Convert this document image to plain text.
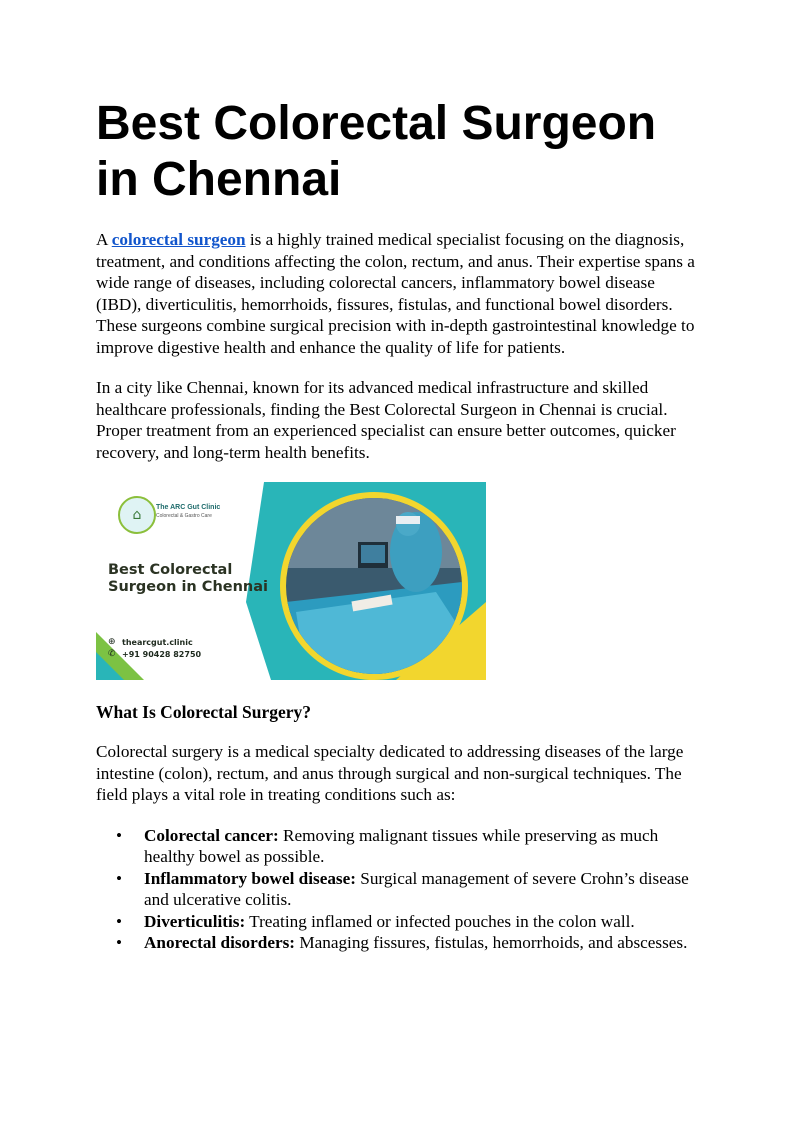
Best Colorectal Surgeon in Chennai

A colorectal surgeon is a highly trained medical specialist focusing on the diagnosis, treatment, and conditions affecting the colon, rectum, and anus. Their expertise spans a wide range of diseases, including colorectal cancers, inflammatory bowel disease (IBD), diverticulitis, hemorrhoids, fissures, fistulas, and functional bowel disorders. These surgeons combine surgical precision with in-depth gastrointestinal knowledge to improve digestive health and enhance the quality of life for patients.

In a city like Chennai, known for its advanced medical infrastructure and skilled healthcare professionals, finding the Best Colorectal Surgeon in Chennai is crucial. Proper treatment from an experienced specialist can ensure better outcomes, quicker recovery, and long-term health benefits.

⌂	The ARC Gut Clinic
Colorectal & Gastro Care
Best Colorectal Surgeon in Chennai
⊕ thearcgut.clinic
✆ +91 90428 82750
What Is Colorectal Surgery?

Colorectal surgery is a medical specialty dedicated to addressing diseases of the large intestine (colon), rectum, and anus through surgical and non-surgical techniques. The field plays a vital role in treating conditions such as:

• Colorectal cancer: Removing malignant tissues while preserving as much healthy bowel as possible.
• Inflammatory bowel disease: Surgical management of severe Crohn’s disease and ulcerative colitis.
• Diverticulitis: Treating inflamed or infected pouches in the colon wall.
• Anorectal disorders: Managing fissures, fistulas, hemorrhoids, and abscesses.
